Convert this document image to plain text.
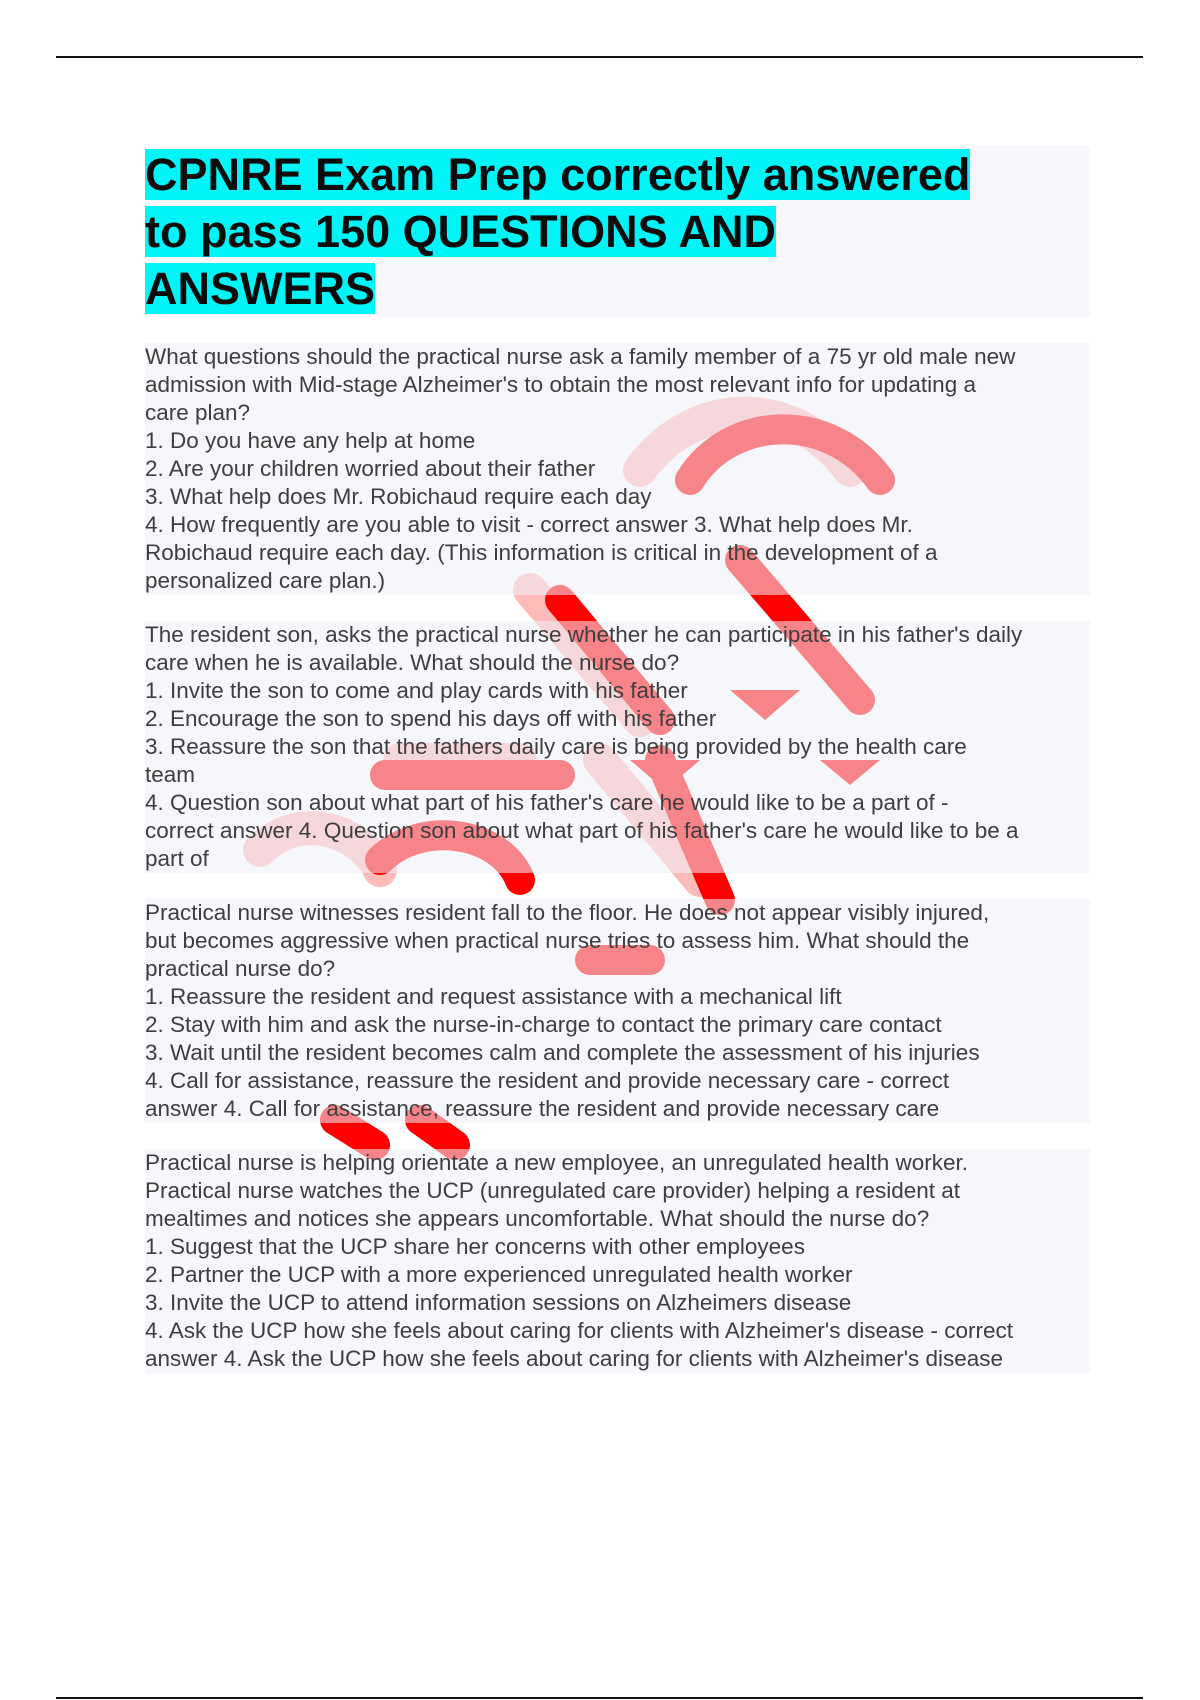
CPNRE Exam Prep correctly answered
to pass 150 QUESTIONS AND
ANSWERS

What questions should the practical nurse ask a family member of a 75 yr old male new
admission with Mid-stage Alzheimer's to obtain the most relevant info for updating a
care plan?
1. Do you have any help at home
2. Are your children worried about their father
3. What help does Mr. Robichaud require each day
4. How frequently are you able to visit - correct answer 3. What help does Mr.
Robichaud require each day. (This information is critical in the development of a
personalized care plan.)

The resident son, asks the practical nurse whether he can participate in his father's daily
care when he is available. What should the nurse do?
1. Invite the son to come and play cards with his father
2. Encourage the son to spend his days off with his father
3. Reassure the son that the fathers daily care is being provided by the health care
team
4. Question son about what part of his father's care he would like to be a part of -
correct answer 4. Question son about what part of his father's care he would like to be a
part of

Practical nurse witnesses resident fall to the floor. He does not appear visibly injured,
but becomes aggressive when practical nurse tries to assess him. What should the
practical nurse do?
1. Reassure the resident and request assistance with a mechanical lift
2. Stay with him and ask the nurse-in-charge to contact the primary care contact
3. Wait until the resident becomes calm and complete the assessment of his injuries
4. Call for assistance, reassure the resident and provide necessary care - correct
answer 4. Call for assistance, reassure the resident and provide necessary care

Practical nurse is helping orientate a new employee, an unregulated health worker.
Practical nurse watches the UCP (unregulated care provider) helping a resident at
mealtimes and notices she appears uncomfortable. What should the nurse do?
1. Suggest that the UCP share her concerns with other employees
2. Partner the UCP with a more experienced unregulated health worker
3. Invite the UCP to attend information sessions on Alzheimers disease
4. Ask the UCP how she feels about caring for clients with Alzheimer's disease - correct
answer 4. Ask the UCP how she feels about caring for clients with Alzheimer's disease
